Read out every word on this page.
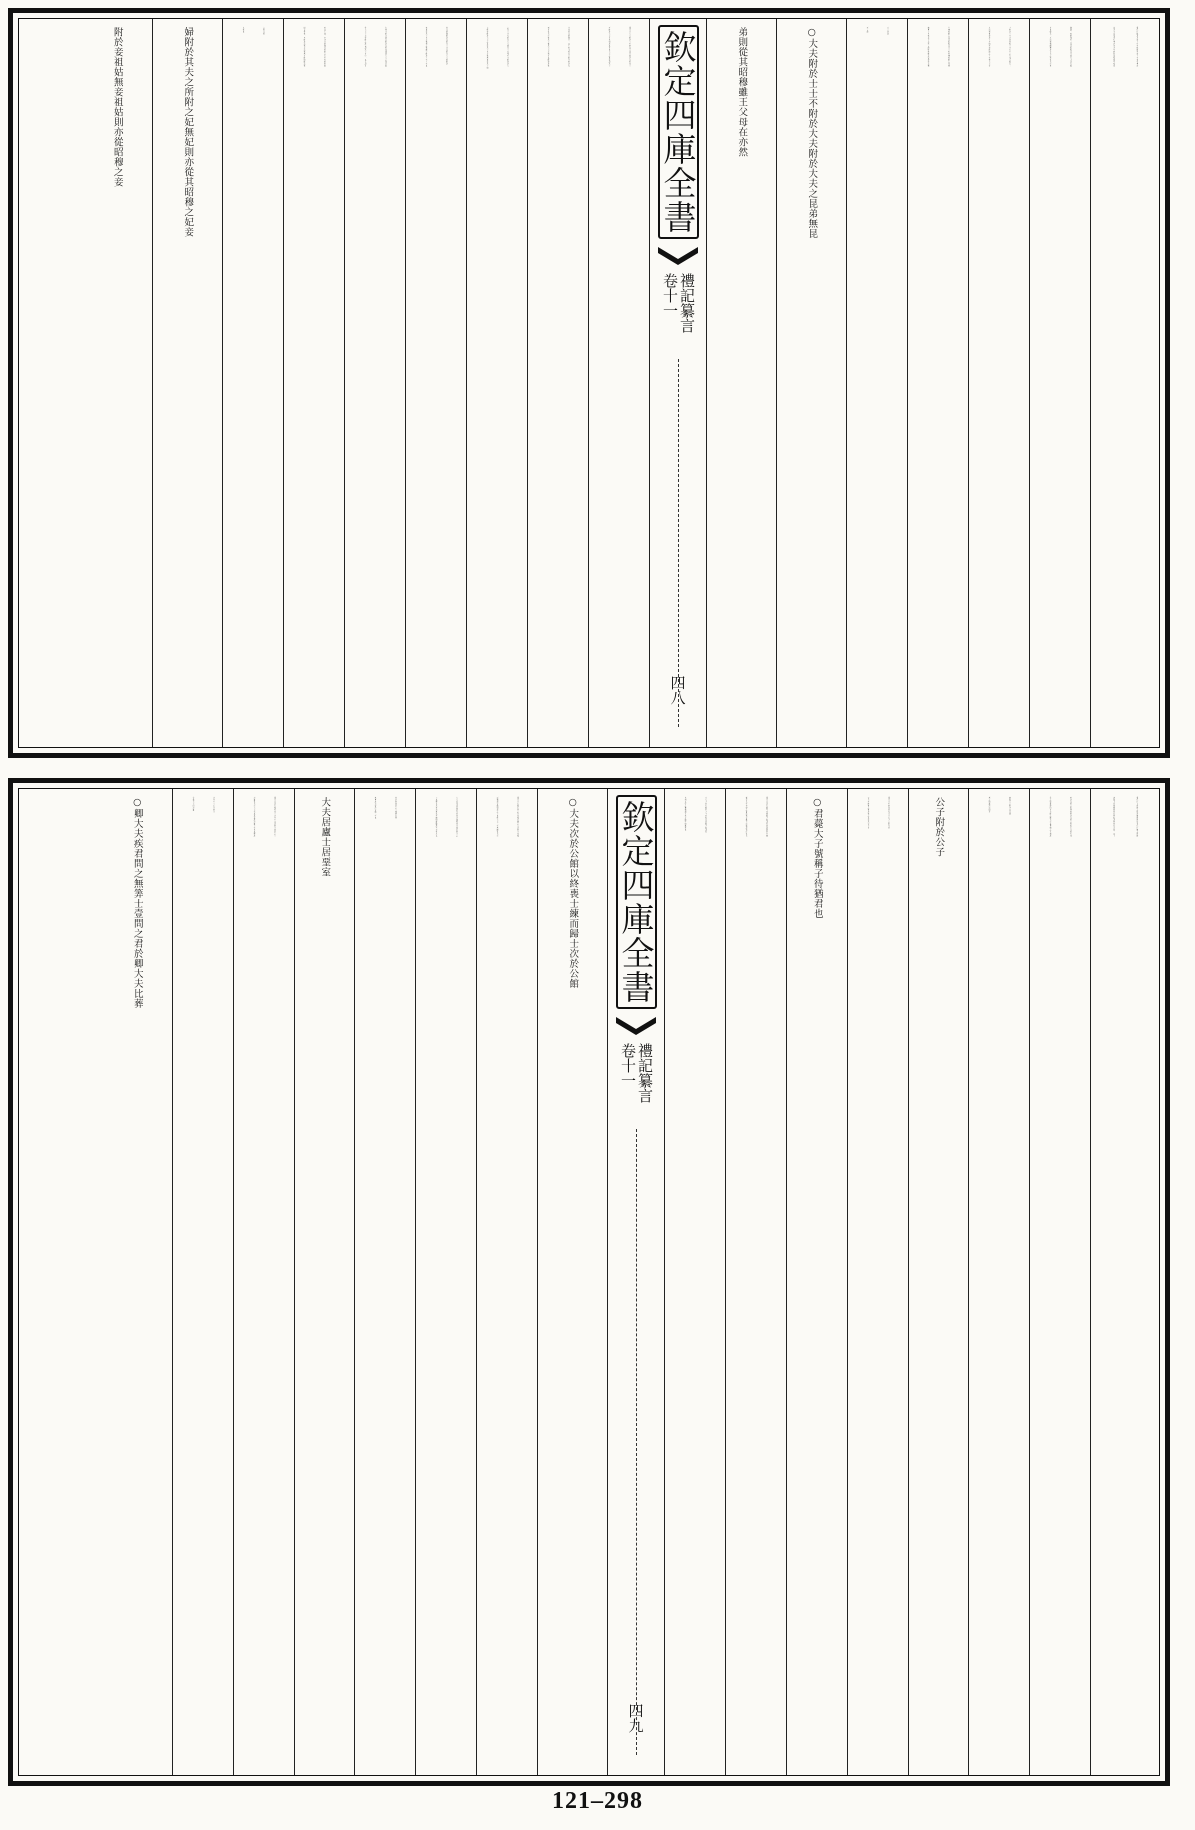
鄭氏曰配謂并祭王母不配則不祭王父也有事於
尊者可以及卑有事於卑者不敢援尊配與不配祭
饌如一祝辭異不言以某妃配某氏爾女子謂未嫁
者也嫁未三月而死猶歸葬於女氏之黨孔氏曰男
子祔於王父并祭所配王母在室之女及已嫁未三
月而死祔祭於王母則不祭所配之王父按大夫少
牢禮祝辭云以某妃配某氏士特牲禮祝辭云用薦
歲事于皇祖某子是不言配特牲雖是常祭容是禫
月吉祭故
不言配
○大夫附於士士不附於大夫附於大夫之昆弟無昆
弟則從其昭穆雖王父母在亦然
欽定四庫全書
禮記纂言
卷十一
四八
鄭氏曰大夫附於士不敢以己尊自殊於其祖也士
不附於大夫自卑别於尊者也大夫之昆弟謂為士
者也從其昭穆中一以上祖又祖而已附者祔於先
死者孔氏曰祖為士孫為大夫若死可以附祭於祖
之為士者先祖為大夫孫為士而死不可附祭於大
夫唯得附於大夫之兄弟為士者若祖無昆弟為士則
從其昭穆附於高祖為士者高祖為大夫則附於
祖昆弟為士者若孫死之後應合附於王父王父見
在無可附亦如是附於高祖也鄭恐大夫之昆弟俱
作大夫士亦得附之故云謂為士者中一以上謂自
祖以上間一世各當昭穆而祖附之若不得附祖則
間去曾祖一世附於高祖若高祖無可附則附高祖
之祖是祖
又祖也
婦附於其夫之所附之妃無妃則亦從其昭穆之妃妾
附於妾祖姑無妾祖姑則亦從昭穆之妾
鄭氏曰夫所附之妃於婦則祖姑孔氏曰婦之所附
義與夫同孫婦附祖姑無妃謂無祖姑亦間一以上
祔於高祖之妃無則祔於高祖之祖妃若其祖有昆
弟之妃班爵同者亦附之應氏曰重昏姻之正耦故
婦與妾之祔各以其類
無之則越次而間升
公子附於公子
鄭氏曰不敢戚君孔氏曰公子之祖為君
公子不敢祔之祔於祖之兄弟為公子者
○君薨大子號稱子待猶君也
鄭氏曰謂未踰年也雖稱子與諸侯朝會如君矣魯
僖公九年癸卯之會宋襄公稱子而與諸侯序孔氏
曰天子君存稱世子今君既薨故稱子與諸侯
並列其待之禮猶如正君若踰年則稱君也
欽定四庫全書
禮記纂言
卷十一
四九
○大夫次於公館以終喪士練而歸士次於公館
鄭氏曰公館公宮之舍也練而歸之士謂邑宰也練
而猶處公館朝廷之士也唯大夫三年無歸孔氏曰
大夫恩深祿重故為君喪居廬終喪乃還家邑宰之
士恩輕又為君治邑久不歸卽廢職故至小祥反其
所治邑朝廷之士雖輕而無
邑事故亦留次公館三年也
大夫居廬士居堊室
鄭氏曰謂未練時也士居堊室亦謂邑宰朝廷之士
居廬孔氏曰大夫位尊恩重故居廬士位卑恩輕故
居堊室士若非邑宰
當與大夫同居廬
○卿大夫疾君問之無筭士壹問之君於卿大夫比葬
121–298
